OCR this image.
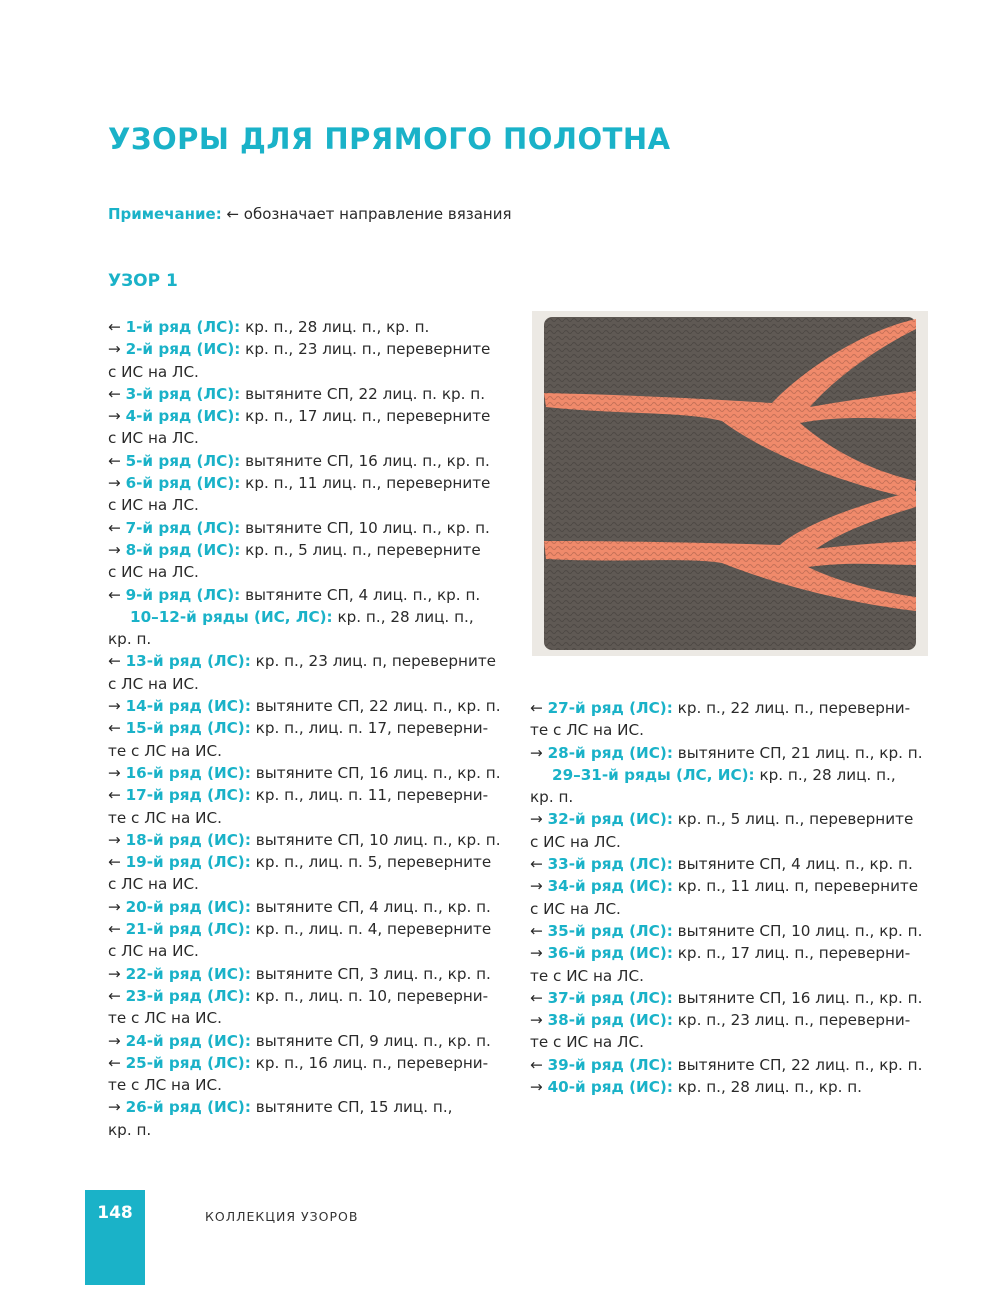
УЗОРЫ ДЛЯ ПРЯМОГО ПОЛОТНА
Примечание: ← обозначает направление вязания
УЗОР 1
← 1-й ряд (ЛС): кр. п., 28 лиц. п., кр. п.
→ 2-й ряд (ИС): кр. п., 23 лиц. п., переверните
с ИС на ЛС.
← 3-й ряд (ЛС): вытяните СП, 22 лиц. п. кр. п.
→ 4-й ряд (ИС): кр. п., 17 лиц. п., переверните
с ИС на ЛС.
← 5-й ряд (ЛС): вытяните СП, 16 лиц. п., кр. п.
→ 6-й ряд (ИС): кр. п., 11 лиц. п., переверните
с ИС на ЛС.
← 7-й ряд (ЛС): вытяните СП, 10 лиц. п., кр. п.
→ 8-й ряд (ИС): кр. п., 5 лиц. п., переверните
с ИС на ЛС.
← 9-й ряд (ЛС): вытяните СП, 4 лиц. п., кр. п.
10–12-й ряды (ИС, ЛС): кр. п., 28 лиц. п.,
кр. п.
← 13-й ряд (ЛС): кр. п., 23 лиц. п, переверните
с ЛС на ИС.
→ 14-й ряд (ИС): вытяните СП, 22 лиц. п., кр. п.
← 15-й ряд (ЛС): кр. п., лиц. п. 17, переверни-
те с ЛС на ИС.
→ 16-й ряд (ИС): вытяните СП, 16 лиц. п., кр. п.
← 17-й ряд (ЛС): кр. п., лиц. п. 11, переверни-
те с ЛС на ИС.
→ 18-й ряд (ИС): вытяните СП, 10 лиц. п., кр. п.
← 19-й ряд (ЛС): кр. п., лиц. п. 5, переверните
с ЛС на ИС.
→ 20-й ряд (ИС): вытяните СП, 4 лиц. п., кр. п.
← 21-й ряд (ЛС): кр. п., лиц. п. 4, переверните
с ЛС на ИС.
→ 22-й ряд (ИС): вытяните СП, 3 лиц. п., кр. п.
← 23-й ряд (ЛС): кр. п., лиц. п. 10, переверни-
те с ЛС на ИС.
→ 24-й ряд (ИС): вытяните СП, 9 лиц. п., кр. п.
← 25-й ряд (ЛС): кр. п., 16 лиц. п., переверни-
те с ЛС на ИС.
→ 26-й ряд (ИС): вытяните СП, 15 лиц. п.,
кр. п.
← 27-й ряд (ЛС): кр. п., 22 лиц. п., переверни-
те с ЛС на ИС.
→ 28-й ряд (ИС): вытяните СП, 21 лиц. п., кр. п.
29–31-й ряды (ЛС, ИС): кр. п., 28 лиц. п.,
кр. п.
→ 32-й ряд (ИС): кр. п., 5 лиц. п., переверните
с ИС на ЛС.
← 33-й ряд (ЛС): вытяните СП, 4 лиц. п., кр. п.
→ 34-й ряд (ИС): кр. п., 11 лиц. п, переверните
с ИС на ЛС.
← 35-й ряд (ЛС): вытяните СП, 10 лиц. п., кр. п.
→ 36-й ряд (ИС): кр. п., 17 лиц. п., переверни-
те с ИС на ЛС.
← 37-й ряд (ЛС): вытяните СП, 16 лиц. п., кр. п.
→ 38-й ряд (ИС): кр. п., 23 лиц. п., переверни-
те с ИС на ЛС.
← 39-й ряд (ЛС): вытяните СП, 22 лиц. п., кр. п.
→ 40-й ряд (ИС): кр. п., 28 лиц. п., кр. п.
148	КОЛЛЕКЦИЯ УЗОРОВ
